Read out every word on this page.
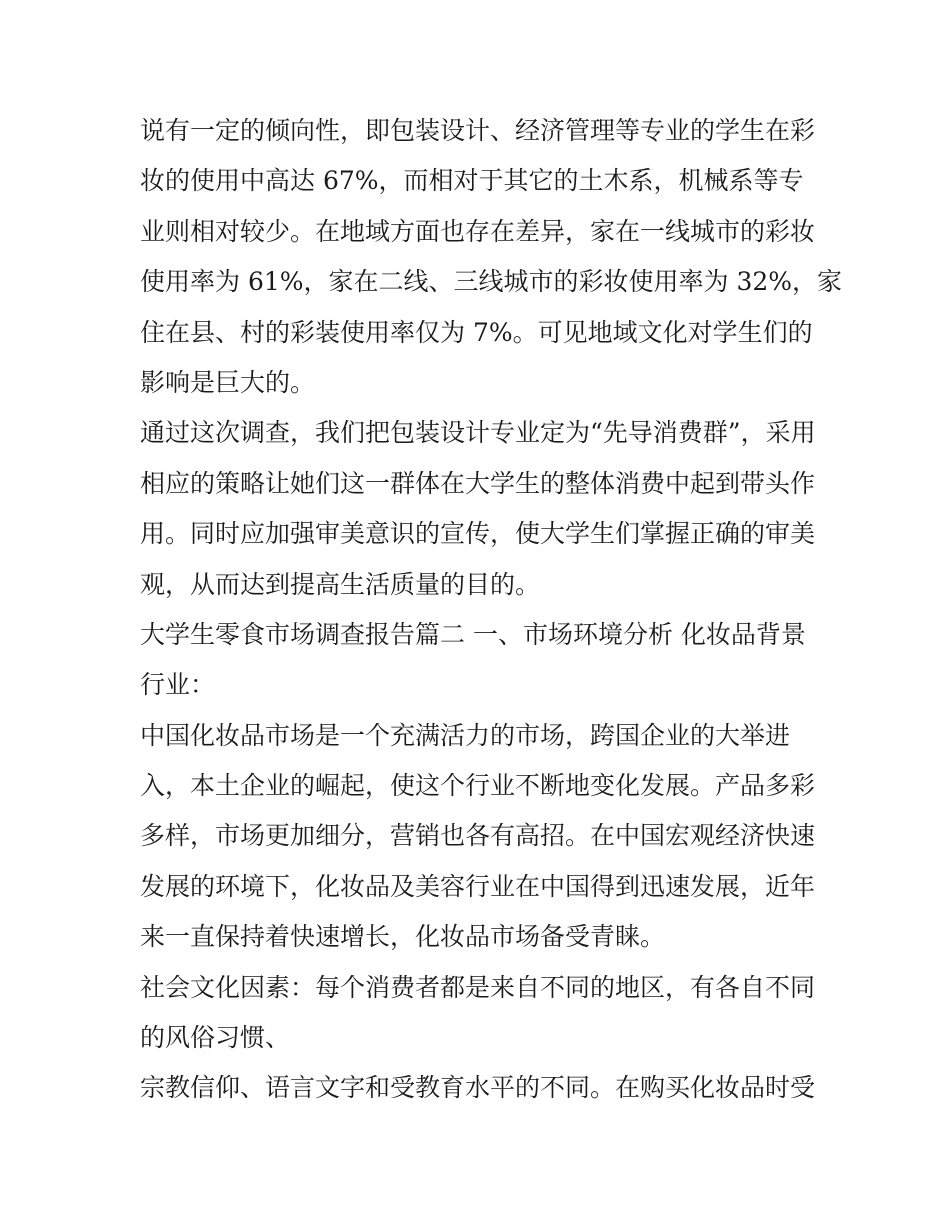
说有一定的倾向性，即包装设计、经济管理等专业的学生在彩
妆的使用中高达 67%，而相对于其它的土木系，机械系等专
业则相对较少。在地域方面也存在差异，家在一线城市的彩妆
使用率为 61%，家在二线、三线城市的彩妆使用率为 32%，家
住在县、村的彩装使用率仅为 7%。可见地域文化对学生们的
影响是巨大的。
通过这次调查，我们把包装设计专业定为“先导消费群”，采用
相应的策略让她们这一群体在大学生的整体消费中起到带头作
用。同时应加强审美意识的宣传，使大学生们掌握正确的审美
观，从而达到提高生活质量的目的。
大学生零食市场调查报告篇二 一、市场环境分析 化妆品背景
行业：
中国化妆品市场是一个充满活力的市场，跨国企业的大举进
入，本土企业的崛起，使这个行业不断地变化发展。产品多彩
多样，市场更加细分，营销也各有高招。在中国宏观经济快速
发展的环境下，化妆品及美容行业在中国得到迅速发展，近年
来一直保持着快速增长，化妆品市场备受青睐。
社会文化因素：每个消费者都是来自不同的地区，有各自不同
的风俗习惯、
宗教信仰、语言文字和受教育水平的不同。在购买化妆品时受
